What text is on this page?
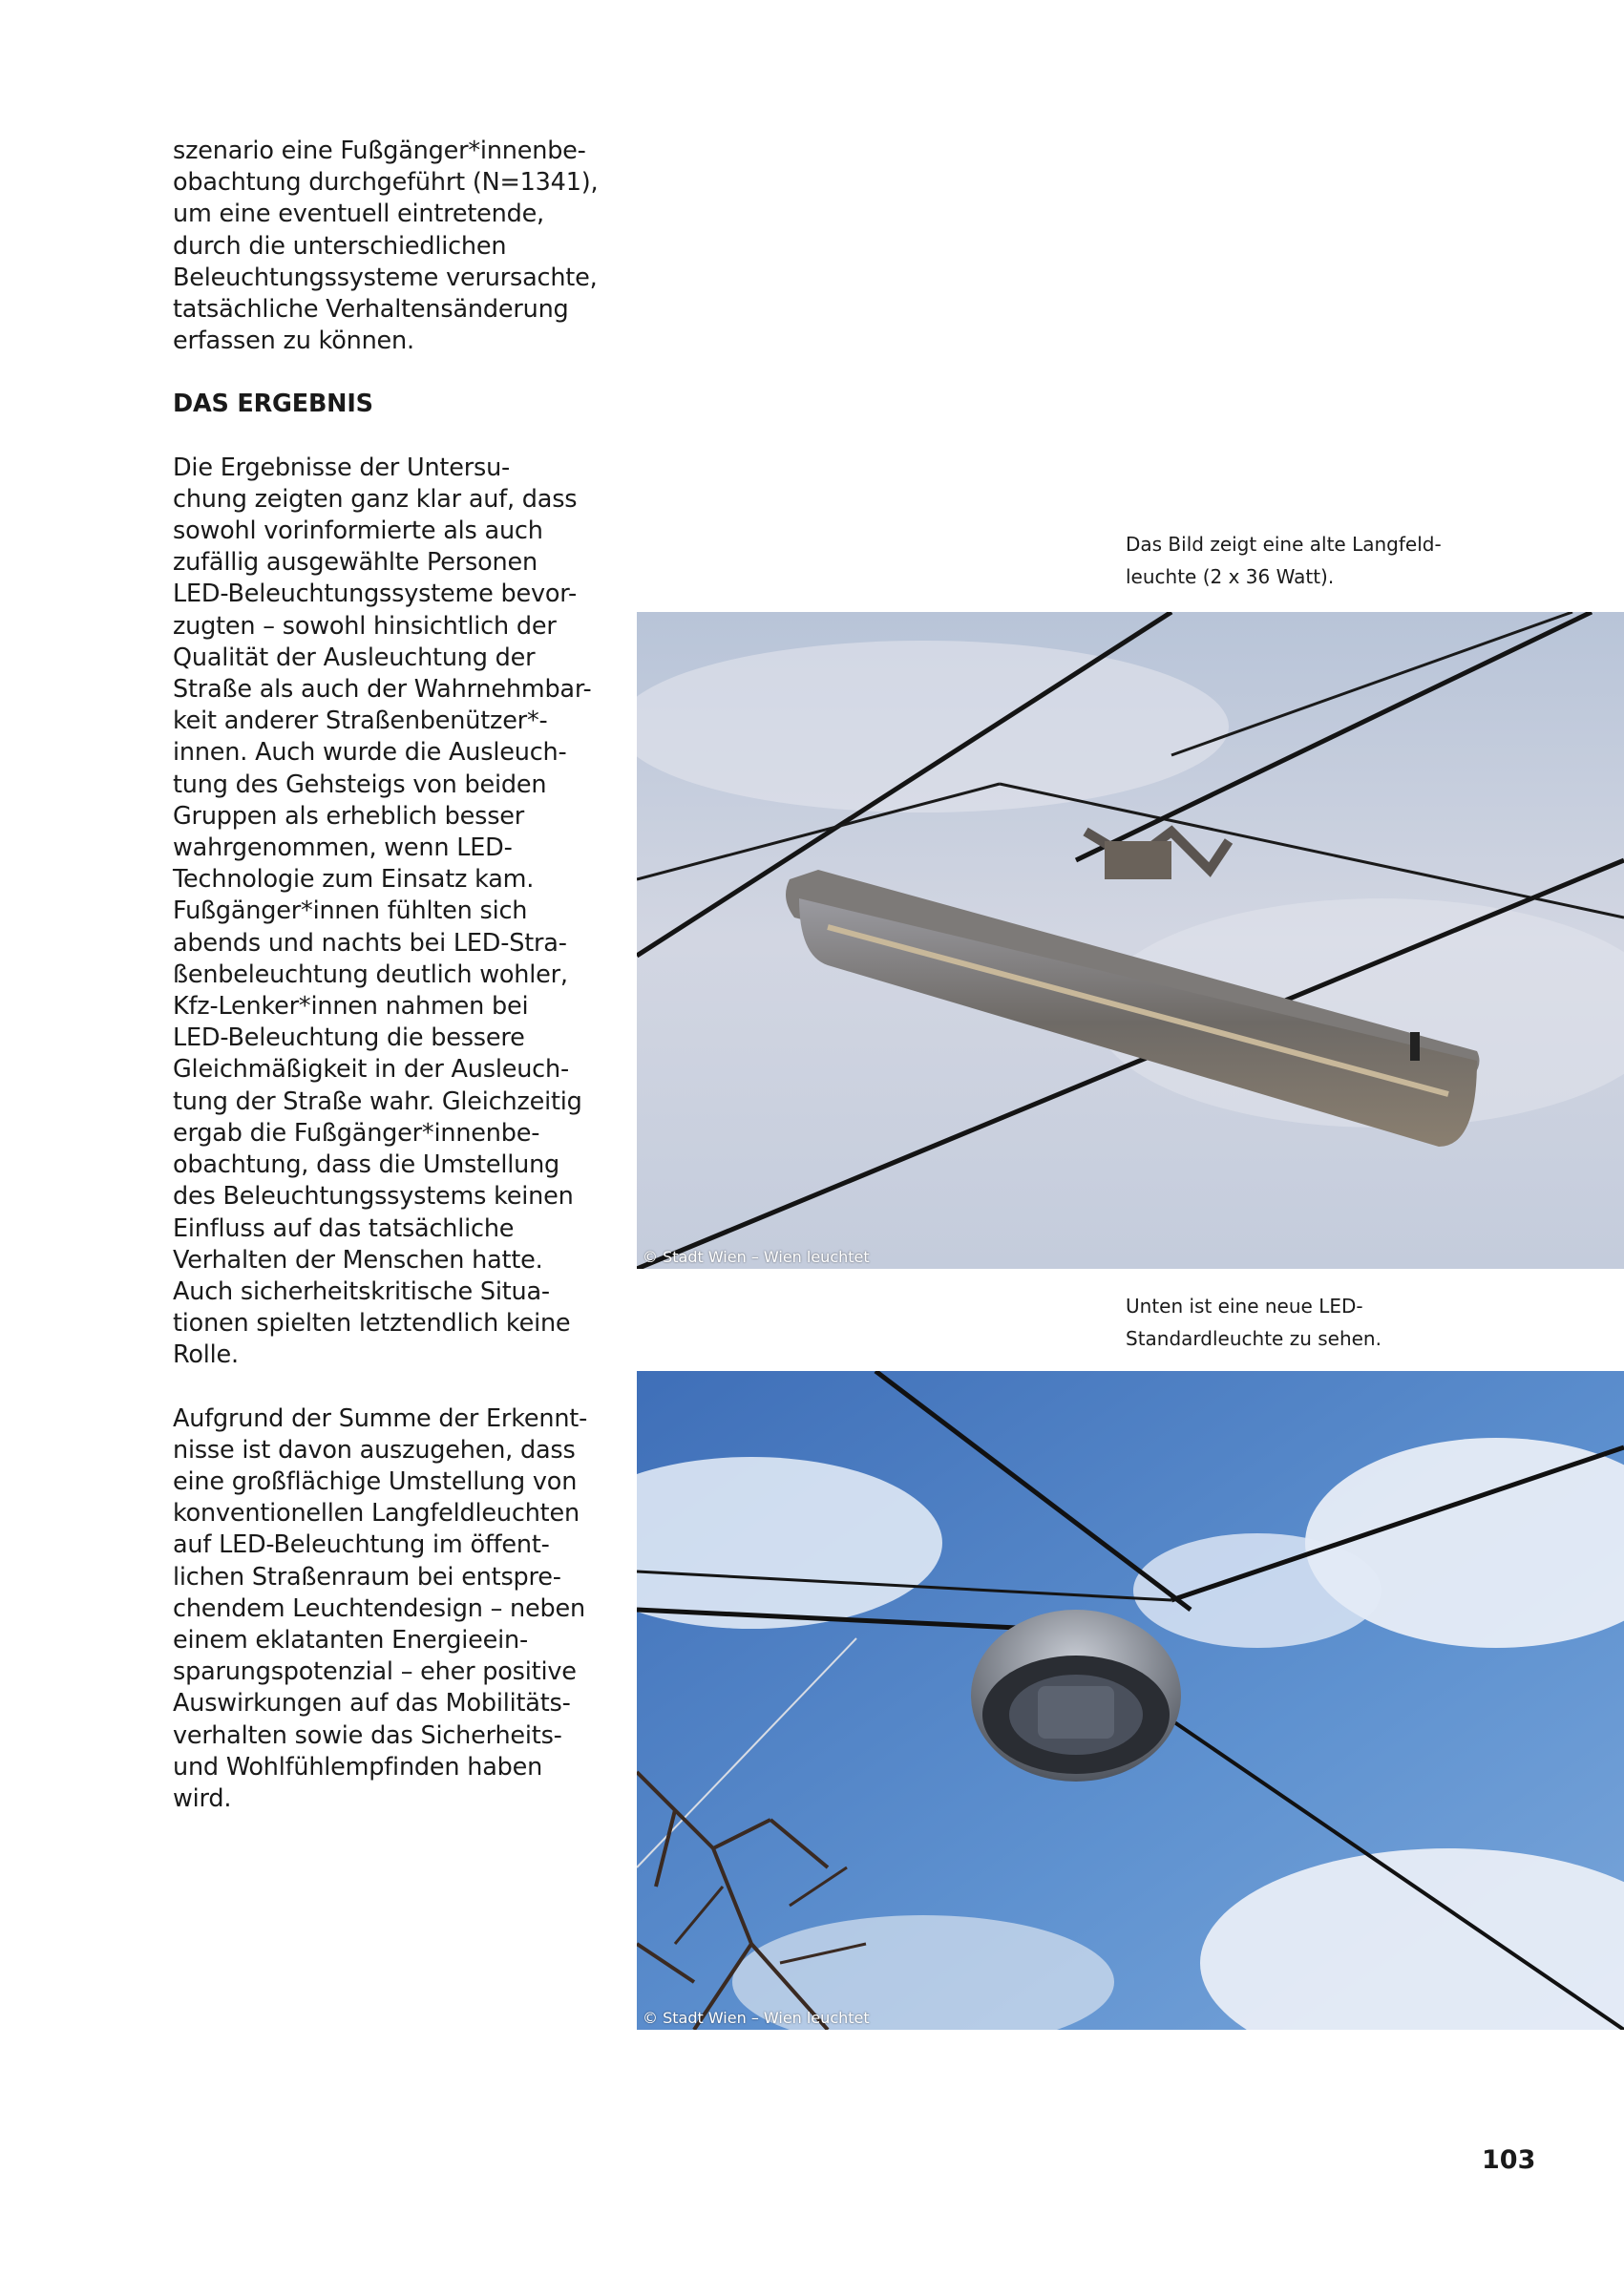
szenario eine Fußgänger*innenbe-
obachtung durchgeführt (N=1341),
um eine eventuell eintretende,
durch die unterschiedlichen
Beleuchtungssysteme verursachte,
tatsächliche Verhaltensänderung
erfassen zu können.

DAS ERGEBNIS

Die Ergebnisse der Untersu-
chung zeigten ganz klar auf, dass
sowohl vorinformierte als auch
zufällig ausgewählte Personen
LED-Beleuchtungssysteme bevor-
zugten – sowohl hinsichtlich der
Qualität der Ausleuchtung der
Straße als auch der Wahrnehmbar-
keit anderer Straßenbenützer*-
innen. Auch wurde die Ausleuch-
tung des Gehsteigs von beiden
Gruppen als erheblich besser
wahrgenommen, wenn LED-
Technologie zum Einsatz kam.
Fußgänger*innen fühlten sich
abends und nachts bei LED-Stra-
ßenbeleuchtung deutlich wohler,
Kfz-Lenker*innen nahmen bei
LED-Beleuchtung die bessere
Gleichmäßigkeit in der Ausleuch-
tung der Straße wahr. Gleichzeitig
ergab die Fußgänger*innenbe-
obachtung, dass die Umstellung
des Beleuchtungssystems keinen
Einfluss auf das tatsächliche
Verhalten der Menschen hatte.
Auch sicherheitskritische Situa-
tionen spielten letztendlich keine
Rolle.

Aufgrund der Summe der Erkennt-
nisse ist davon auszugehen, dass
eine großflächige Umstellung von
konventionellen Langfeldleuchten
auf LED-Beleuchtung im öffent-
lichen Straßenraum bei entspre-
chendem Leuchtendesign – neben
einem eklatanten Energieein-
sparungspotenzial – eher positive
Auswirkungen auf das Mobilitäts-
verhalten sowie das Sicherheits-
und Wohlfühlempfinden haben
wird.

Das Bild zeigt eine alte Langfeld-
leuchte (2 x 36 Watt).
© Stadt Wien – Wien leuchtet
Unten ist eine neue LED-
Standardleuchte zu sehen.
© Stadt Wien – Wien leuchtet
103
